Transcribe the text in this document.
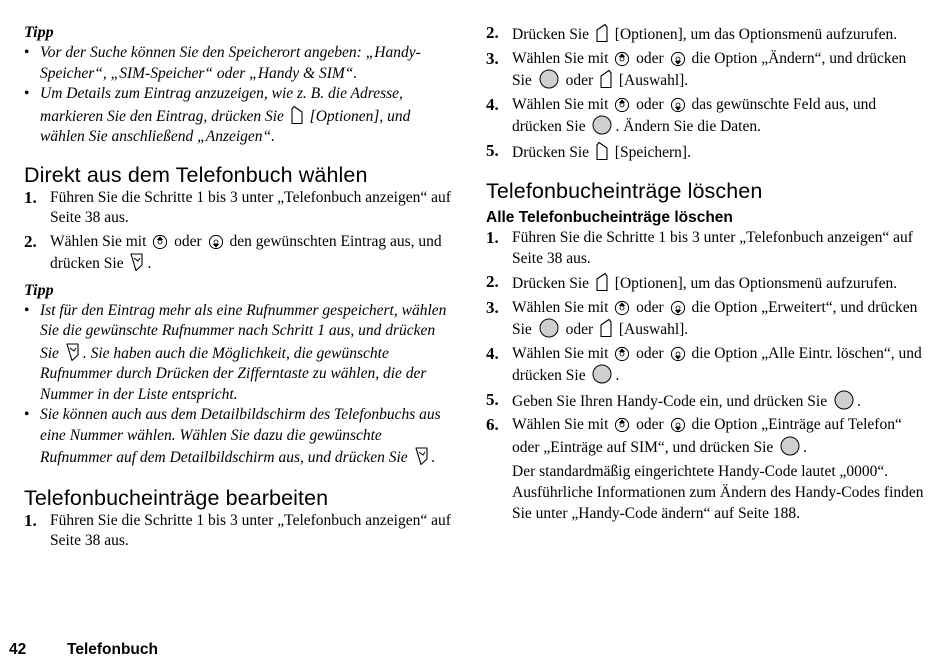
Tipp

• Vor der Suche können Sie den Speicherort angeben: „Handy-Speicher“, „SIM-Speicher“ oder „Handy & SIM“.
• Um Details zum Eintrag anzuzeigen, wie z. B. die Adresse, markieren Sie den Eintrag, drücken Sie  [Optionen], und wählen Sie anschließend „Anzeigen“.
Direkt aus dem Telefonbuch wählen
1. Führen Sie die Schritte 1 bis 3 unter „Telefonbuch anzeigen“ auf Seite 38 aus.
2. Wählen Sie mit  oder  den gewünschten Eintrag aus, und drücken Sie .

Tipp

• Ist für den Eintrag mehr als eine Rufnummer gespeichert, wählen Sie die gewünschte Rufnummer nach Schritt 1 aus, und drücken Sie . Sie haben auch die Möglichkeit, die gewünschte Rufnummer durch Drücken der Zifferntaste zu wählen, die der Nummer in der Liste entspricht.
• Sie können auch aus dem Detailbildschirm des Telefonbuchs aus eine Nummer wählen. Wählen Sie dazu die gewünschte Rufnummer auf dem Detailbildschirm aus, und drücken Sie .
Telefonbucheinträge bearbeiten
1. Führen Sie die Schritte 1 bis 3 unter „Telefonbuch anzeigen“ auf Seite 38 aus.
2. Drücken Sie  [Optionen], um das Optionsmenü aufzurufen.
3. Wählen Sie mit  oder  die Option „Ändern“, und drücken Sie  oder  [Auswahl].
4. Wählen Sie mit  oder  das gewünschte Feld aus, und drücken Sie . Ändern Sie die Daten.
5. Drücken Sie  [Speichern].
Telefonbucheinträge löschen
Alle Telefonbucheinträge löschen
1. Führen Sie die Schritte 1 bis 3 unter „Telefonbuch anzeigen“ auf Seite 38 aus.
2. Drücken Sie  [Optionen], um das Optionsmenü aufzurufen.
3. Wählen Sie mit  oder  die Option „Erweitert“, und drücken Sie  oder  [Auswahl].
4. Wählen Sie mit  oder  die Option „Alle Eintr. löschen“, und drücken Sie .
5. Geben Sie Ihren Handy-Code ein, und drücken Sie .
6. Wählen Sie mit  oder  die Option „Einträge auf Telefon“ oder „Einträge auf SIM“, und drücken Sie .
Der standardmäßig eingerichtete Handy-Code lautet „0000“. Ausführliche Informationen zum Ändern des Handy-Codes finden Sie unter „Handy-Code ändern“ auf Seite 188.
42	Telefonbuch
